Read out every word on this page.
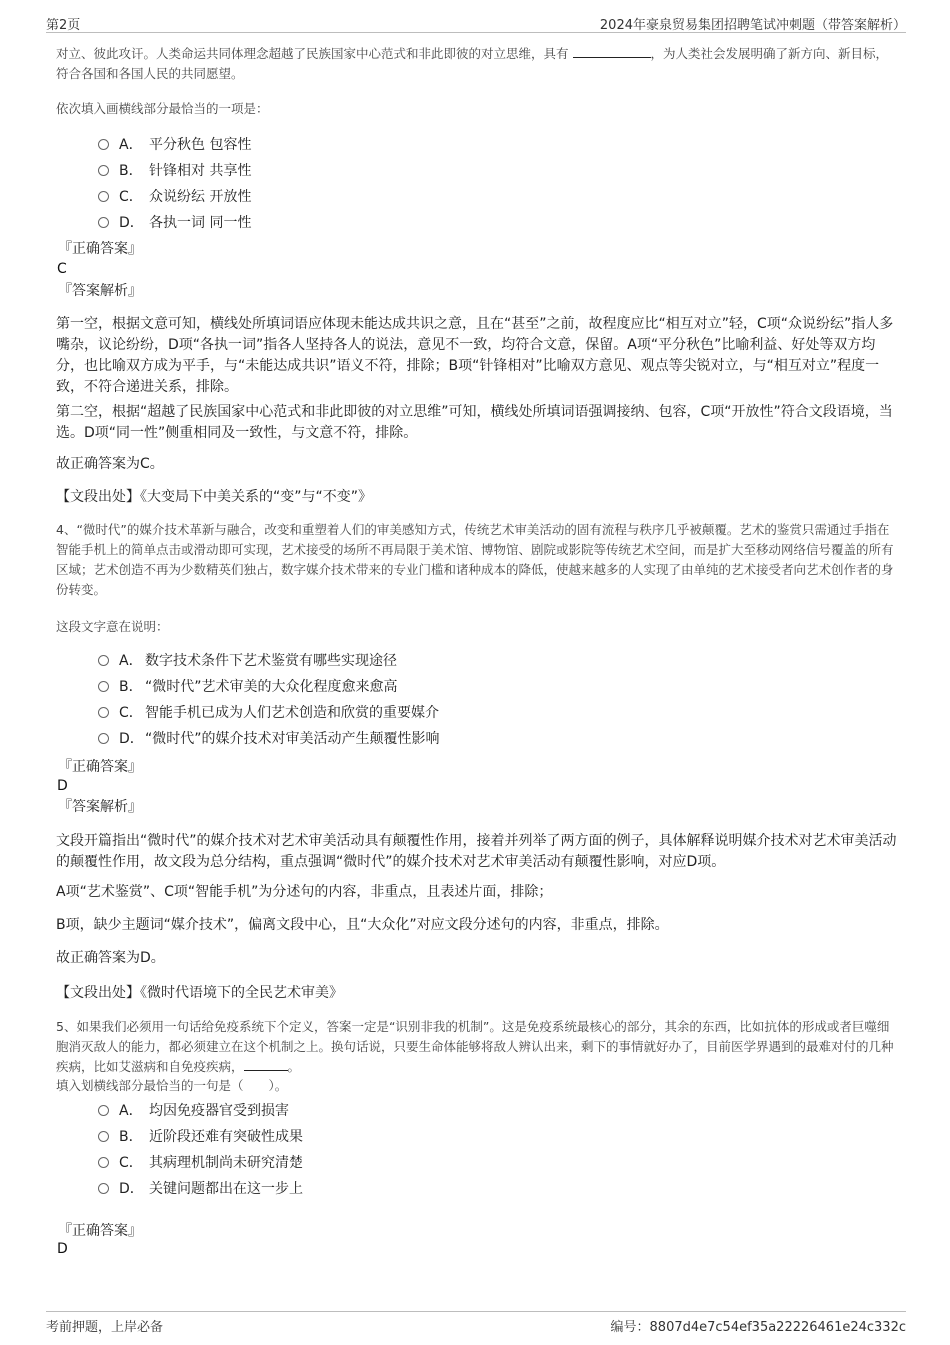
第2页	2024年豪泉贸易集团招聘笔试冲刺题（带答案解析）
对立、彼此攻讦。人类命运共同体理念超越了民族国家中心范式和非此即彼的对立思维，具有	，为人类社会发展明确了新方向、新目标，符合各国和各国人民的共同愿望。
依次填入画横线部分最恰当的一项是：
A． 平分秋色 包容性
B． 针锋相对 共享性
C． 众说纷纭 开放性
D． 各执一词 同一性
『正确答案』
C
『答案解析』
第一空，根据文意可知，横线处所填词语应体现未能达成共识之意，且在“甚至”之前，故程度应比“相互对立”轻，C项“众说纷纭”指人多嘴杂，议论纷纷，D项“各执一词”指各人坚持各人的说法，意见不一致，均符合文意，保留。A项“平分秋色”比喻利益、好处等双方均分，也比喻双方成为平手，与“未能达成共识”语义不符，排除；B项“针锋相对”比喻双方意见、观点等尖锐对立，与“相互对立”程度一致，不符合递进关系，排除。
第二空，根据“超越了民族国家中心范式和非此即彼的对立思维”可知，横线处所填词语强调接纳、包容，C项“开放性”符合文段语境，当选。D项“同一性”侧重相同及一致性，与文意不符，排除。
故正确答案为C。
【文段出处】《大变局下中美关系的“变”与“不变”》
4、“微时代”的媒介技术革新与融合，改变和重塑着人们的审美感知方式，传统艺术审美活动的固有流程与秩序几乎被颠覆。艺术的鉴赏只需通过手指在智能手机上的简单点击或滑动即可实现，艺术接受的场所不再局限于美术馆、博物馆、剧院或影院等传统艺术空间，而是扩大至移动网络信号覆盖的所有区域；艺术创造不再为少数精英们独占，数字媒介技术带来的专业门槛和诸种成本的降低，使越来越多的人实现了由单纯的艺术接受者向艺术创作者的身份转变。
这段文字意在说明：
A． 数字技术条件下艺术鉴赏有哪些实现途径
B． “微时代”艺术审美的大众化程度愈来愈高
C． 智能手机已成为人们艺术创造和欣赏的重要媒介
D．“微时代”的媒介技术对审美活动产生颠覆性影响
『正确答案』
D
『答案解析』
文段开篇指出“微时代”的媒介技术对艺术审美活动具有颠覆性作用，接着并列举了两方面的例子，具体解释说明媒介技术对艺术审美活动的颠覆性作用，故文段为总分结构，重点强调“微时代”的媒介技术对艺术审美活动有颠覆性影响，对应D项。
A项“艺术鉴赏”、C项“智能手机”为分述句的内容，非重点，且表述片面，排除；
B项，缺少主题词“媒介技术”，偏离文段中心，且“大众化”对应文段分述句的内容，非重点，排除。
故正确答案为D。
【文段出处】《微时代语境下的全民艺术审美》
5、如果我们必须用一句话给免疫系统下个定义，答案一定是“识别非我的机制”。这是免疫系统最核心的部分，其余的东西，比如抗体的形成或者巨噬细胞消灭敌人的能力，都必须建立在这个机制之上。换句话说，只要生命体能够将敌人辨认出来，剩下的事情就好办了，目前医学界遇到的最难对付的几种疾病，比如艾滋病和自免疫疾病，	。
填入划横线部分最恰当的一句是（　　）。
A． 均因免疫器官受到损害
B． 近阶段还难有突破性成果
C． 其病理机制尚未研究清楚
D． 关键问题都出在这一步上
『正确答案』
D
考前押题，上岸必备	编号：8807d4e7c54ef35a22226461e24c332c
